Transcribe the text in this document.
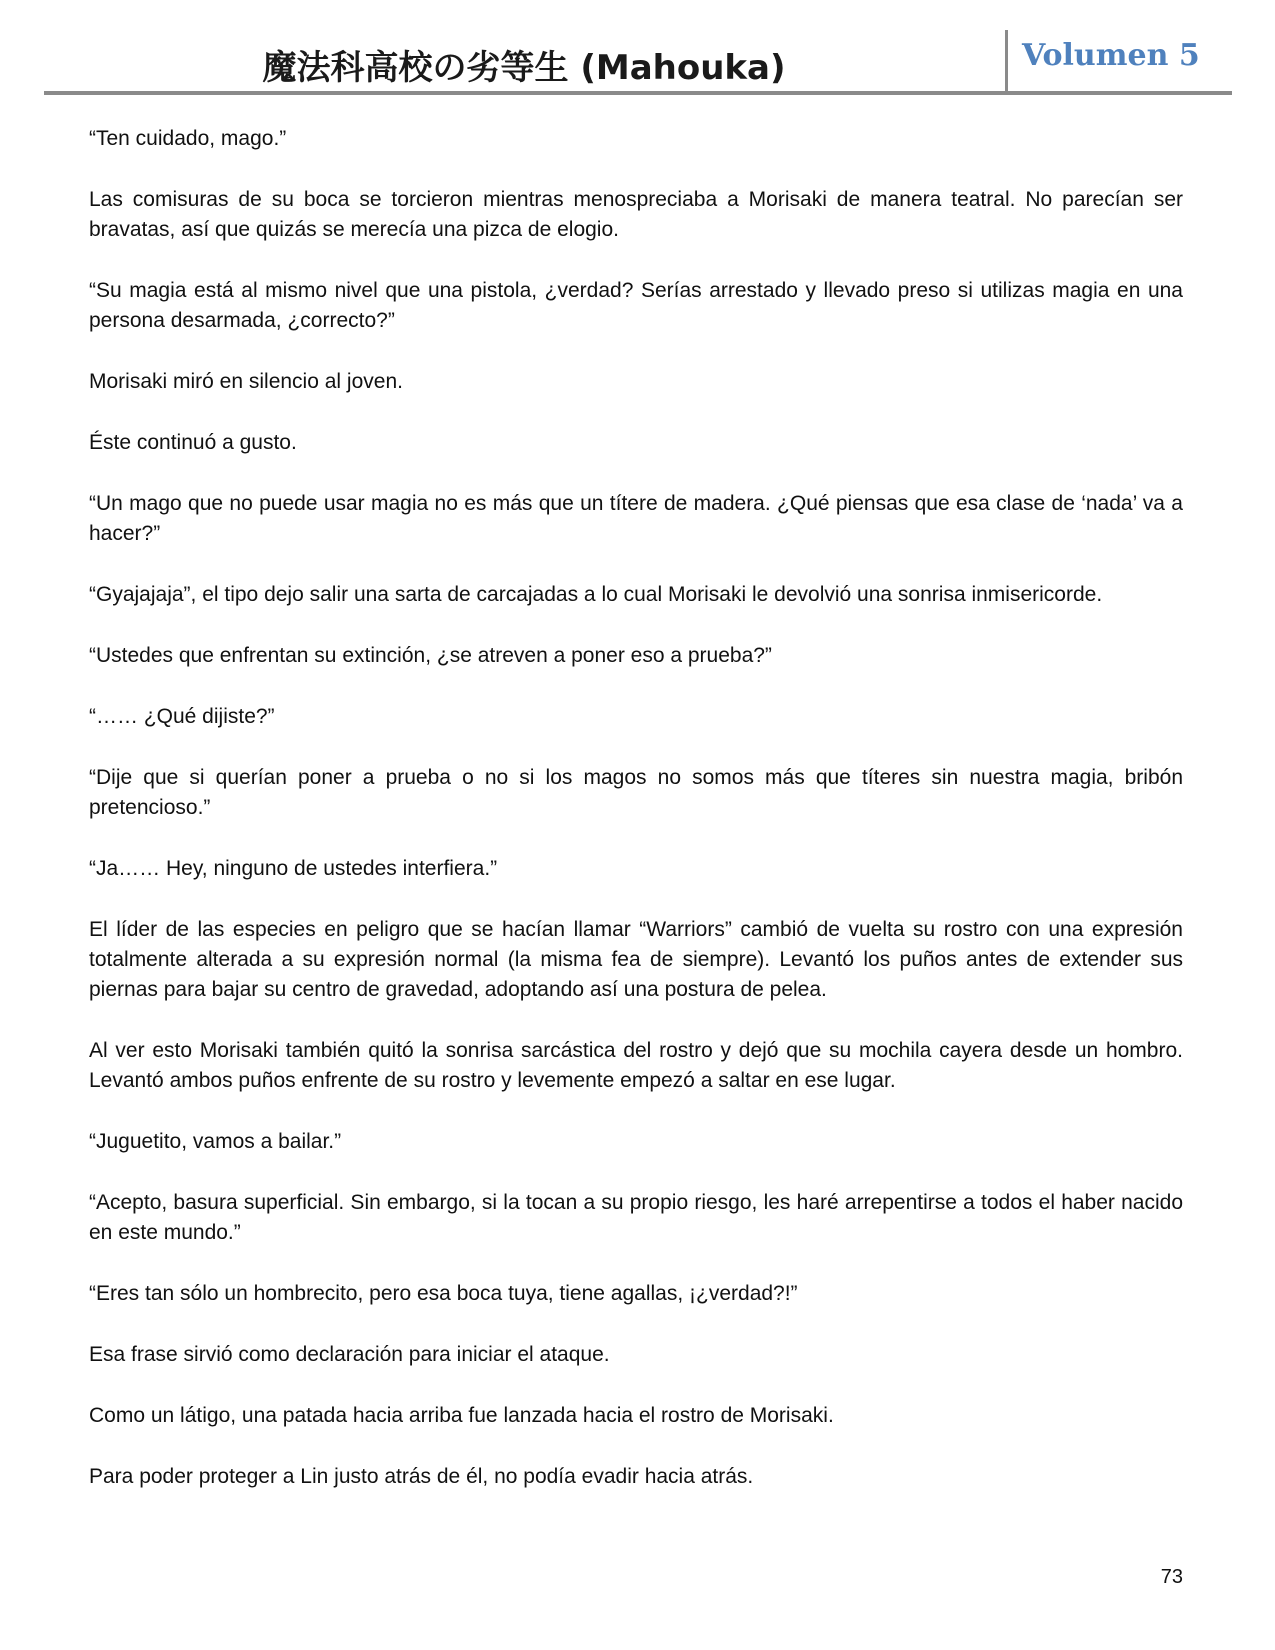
魔法科高校の劣等生 (Mahouka)	Volumen 5

“Ten cuidado, mago.”

Las comisuras de su boca se torcieron mientras menospreciaba a Morisaki de manera teatral. No parecían ser bravatas, así que quizás se merecía una pizca de elogio.

“Su magia está al mismo nivel que una pistola, ¿verdad? Serías arrestado y llevado preso si utilizas magia en una persona desarmada, ¿correcto?”

Morisaki miró en silencio al joven.

Éste continuó a gusto.

“Un mago que no puede usar magia no es más que un títere de madera. ¿Qué piensas que esa clase de ‘nada’ va a hacer?”

“Gyajajaja”, el tipo dejo salir una sarta de carcajadas a lo cual Morisaki le devolvió una sonrisa inmisericorde.

“Ustedes que enfrentan su extinción, ¿se atreven a poner eso a prueba?”

“…… ¿Qué dijiste?”

“Dije que si querían poner a prueba o no si los magos no somos más que títeres sin nuestra magia, bribón pretencioso.”

“Ja…… Hey, ninguno de ustedes interfiera.”

El líder de las especies en peligro que se hacían llamar “Warriors” cambió de vuelta su rostro con una expresión totalmente alterada a su expresión normal (la misma fea de siempre). Levantó los puños antes de extender sus piernas para bajar su centro de gravedad, adoptando así una postura de pelea.

Al ver esto Morisaki también quitó la sonrisa sarcástica del rostro y dejó que su mochila cayera desde un hombro. Levantó ambos puños enfrente de su rostro y levemente empezó a saltar en ese lugar.

“Juguetito, vamos a bailar.”

“Acepto, basura superficial. Sin embargo, si la tocan a su propio riesgo, les haré arrepentirse a todos el haber nacido en este mundo.”

“Eres tan sólo un hombrecito, pero esa boca tuya, tiene agallas, ¡¿verdad?!”

Esa frase sirvió como declaración para iniciar el ataque.

Como un látigo, una patada hacia arriba fue lanzada hacia el rostro de Morisaki.

Para poder proteger a Lin justo atrás de él, no podía evadir hacia atrás.

73
